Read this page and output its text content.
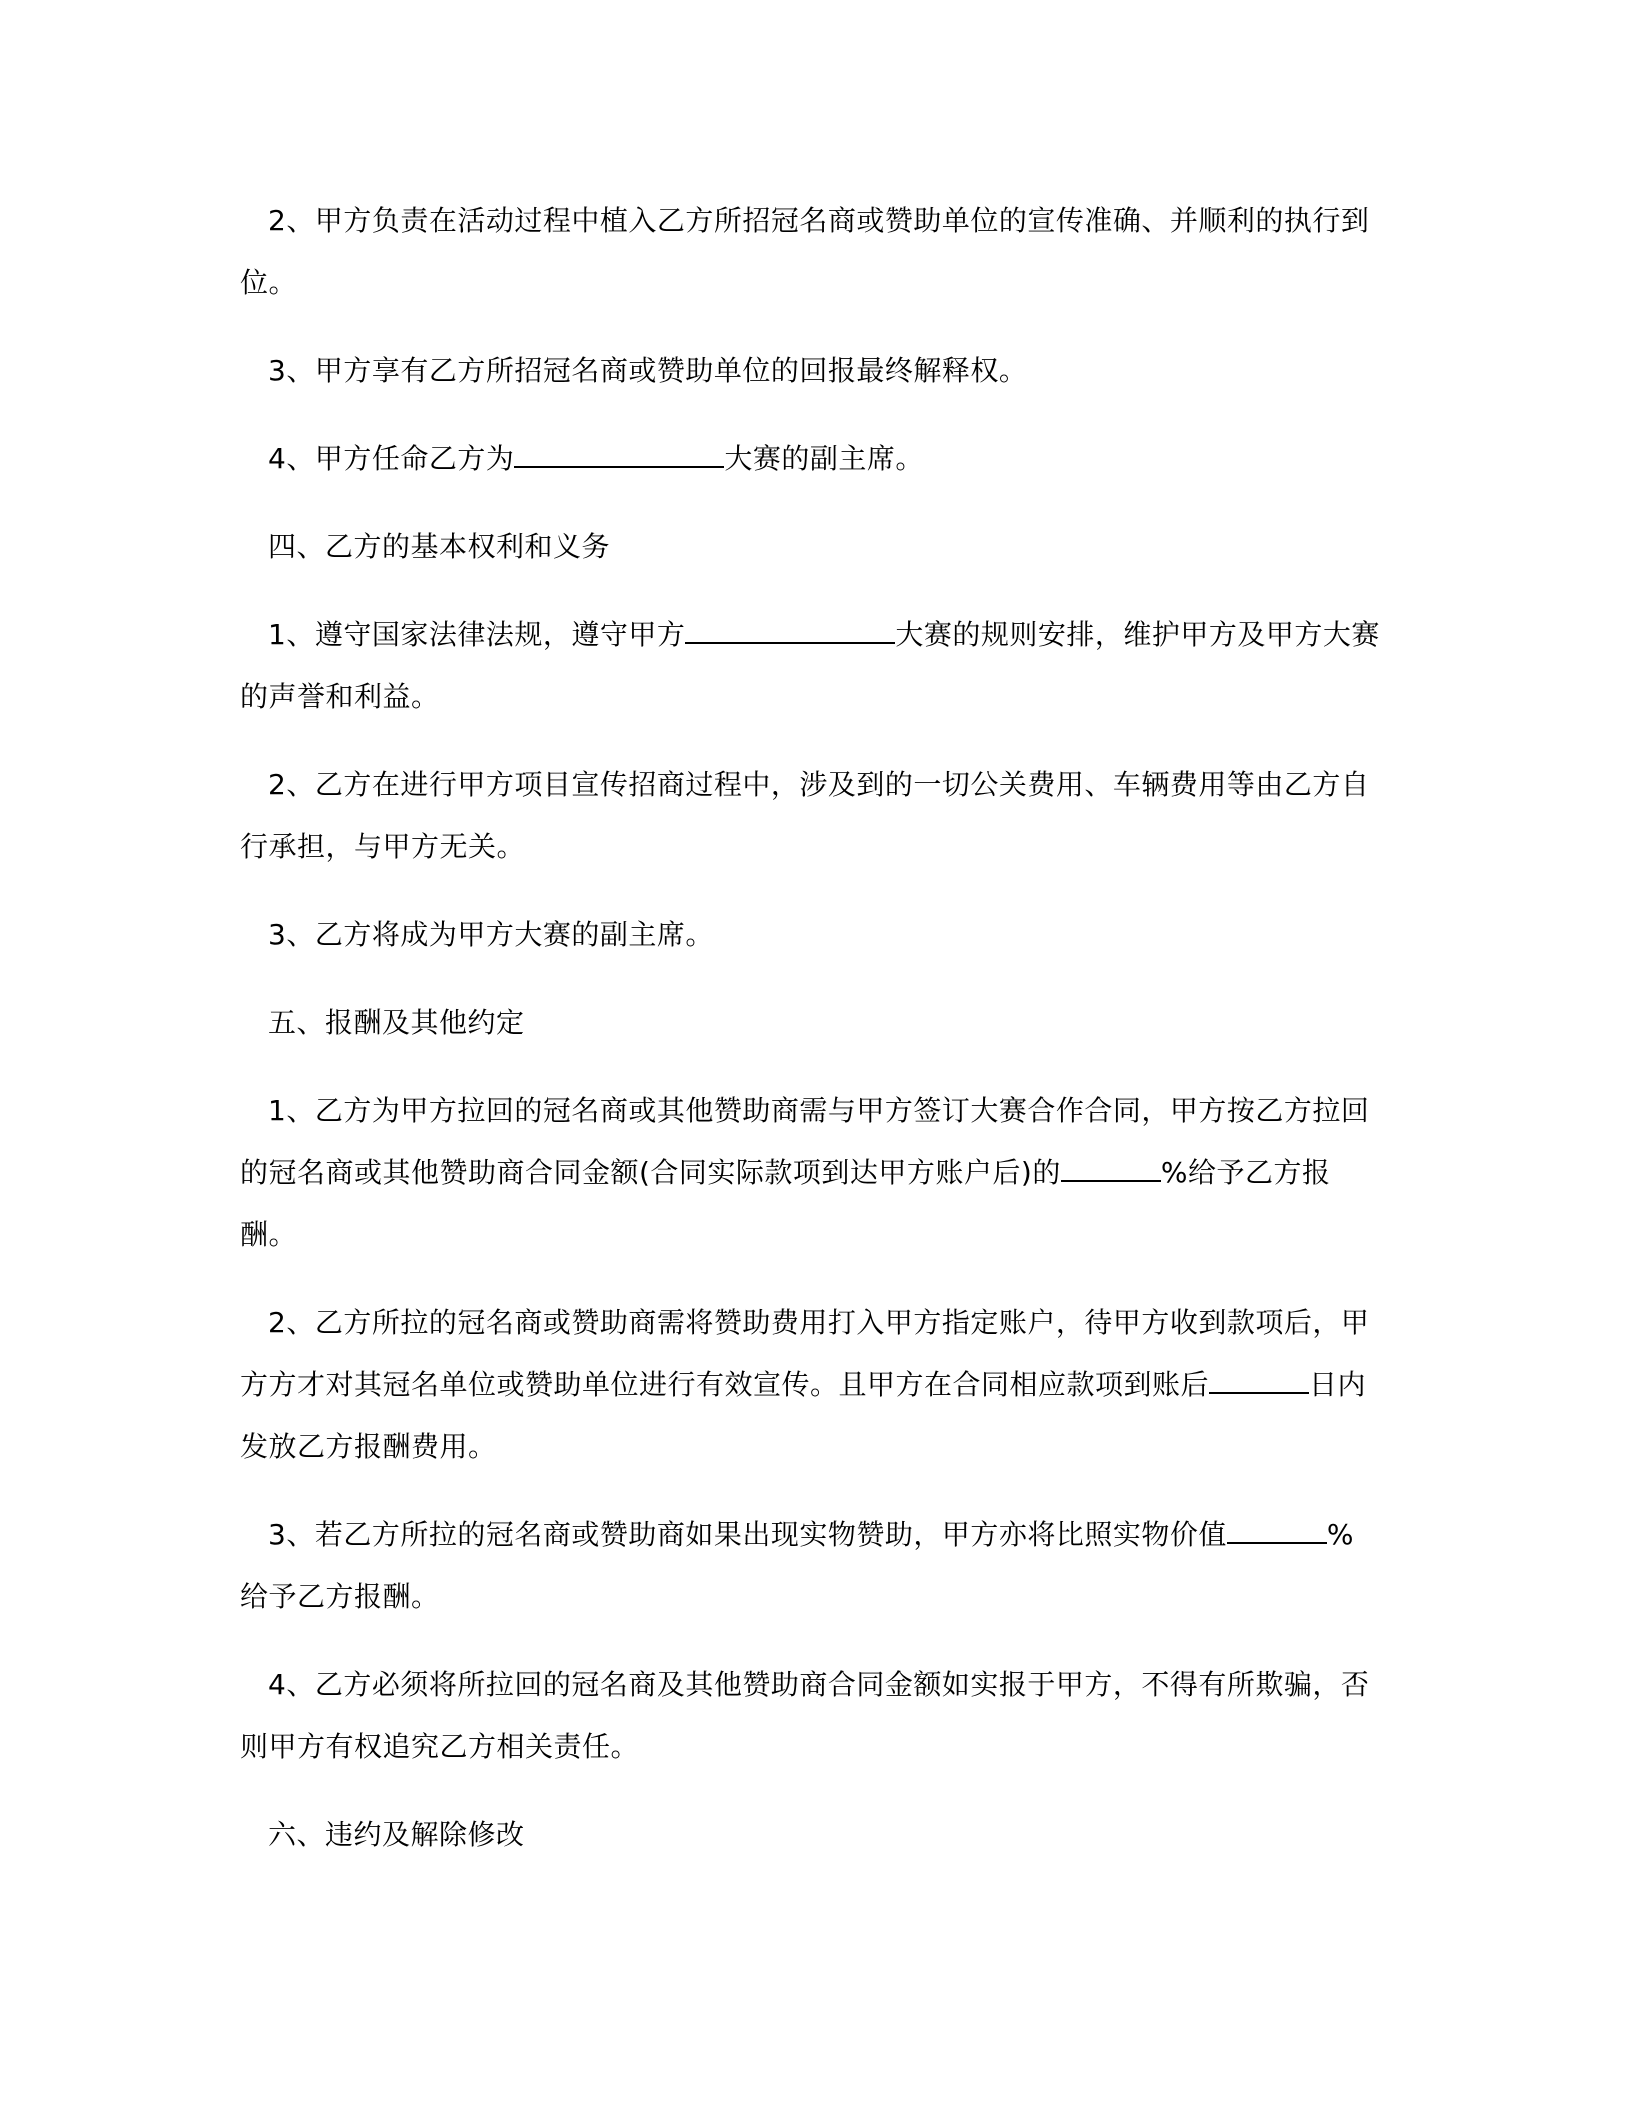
2、甲方负责在活动过程中植入乙方所招冠名商或赞助单位的宣传准确、并顺利的执行到位。

3、甲方享有乙方所招冠名商或赞助单位的回报最终解释权。

4、甲方任命乙方为	大赛的副主席。

四、乙方的基本权利和义务

1、遵守国家法律法规，遵守甲方	大赛的规则安排，维护甲方及甲方大赛的声誉和利益。

2、乙方在进行甲方项目宣传招商过程中，涉及到的一切公关费用、车辆费用等由乙方自行承担，与甲方无关。

3、乙方将成为甲方大赛的副主席。

五、报酬及其他约定

1、乙方为甲方拉回的冠名商或其他赞助商需与甲方签订大赛合作合同，甲方按乙方拉回的冠名商或其他赞助商合同金额(合同实际款项到达甲方账户后)的	%给予乙方报酬。

2、乙方所拉的冠名商或赞助商需将赞助费用打入甲方指定账户，待甲方收到款项后，甲方方才对其冠名单位或赞助单位进行有效宣传。且甲方在合同相应款项到账后	日内发放乙方报酬费用。

3、若乙方所拉的冠名商或赞助商如果出现实物赞助，甲方亦将比照实物价值	%给予乙方报酬。

4、乙方必须将所拉回的冠名商及其他赞助商合同金额如实报于甲方，不得有所欺骗，否则甲方有权追究乙方相关责任。

六、违约及解除修改
